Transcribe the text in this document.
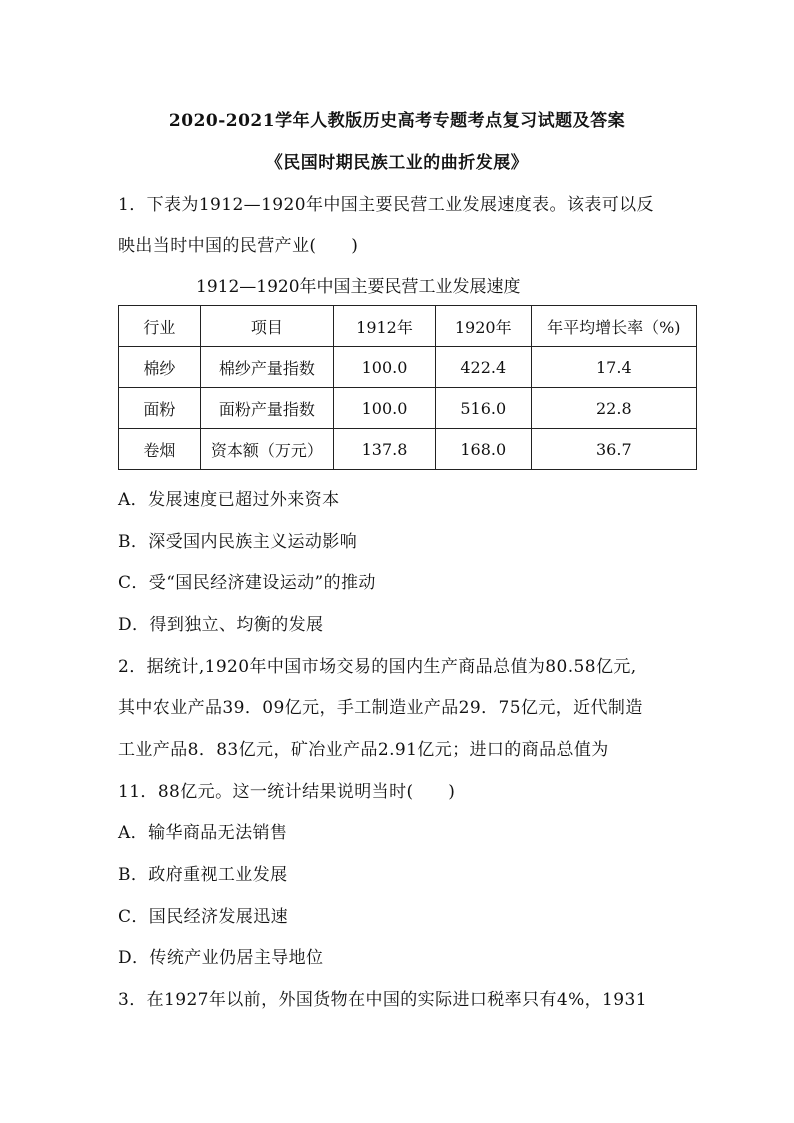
2020-2021学年人教版历史高考专题考点复习试题及答案
《民国时期民族工业的曲折发展》
1．下表为1912—1920年中国主要民营工业发展速度表。该表可以反
映出当时中国的民营产业(　　)
1912—1920年中国主要民营工业发展速度
行业	项目	1912年	1920年	年平均增长率（%)
棉纱	棉纱产量指数	100.0	422.4	17.4
面粉	面粉产量指数	100.0	516.0	22.8
卷烟	资本额（万元）	137.8	168.0	36.7
A．发展速度已超过外来资本
B．深受国内民族主义运动影响
C．受“国民经济建设运动”的推动
D．得到独立、均衡的发展
2．据统计,1920年中国市场交易的国内生产商品总值为80.58亿元,
其中农业产品39．09亿元，手工制造业产品29．75亿元，近代制造
工业产品8．83亿元，矿冶业产品2.91亿元；进口的商品总值为
11．88亿元。这一统计结果说明当时(　　)
A．输华商品无法销售
B．政府重视工业发展
C．国民经济发展迅速
D．传统产业仍居主导地位
3．在1927年以前，外国货物在中国的实际进口税率只有4%，1931
